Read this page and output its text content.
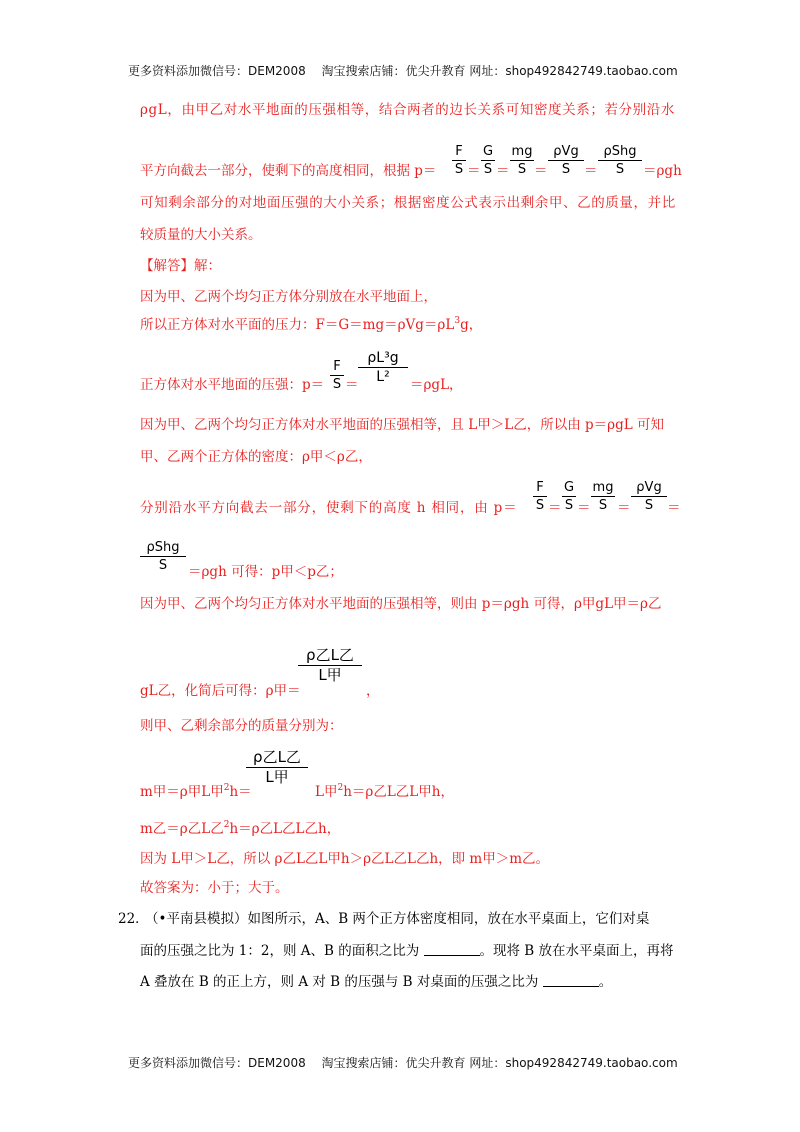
更多资料添加微信号：DEM2008　 淘宝搜索店铺：优尖升教育 网址：shop492842749.taobao.com
ρgL，由甲乙对水平地面的压强相等，结合两者的边长关系可知密度关系；若分别沿水
平方向截去一部分，使剩下的高度相同，根据 p＝
F
S ＝
G
S ＝
mg
S ＝
ρVg
S	＝
ρShg
S	＝ρgh
可知剩余部分的对地面压强的大小关系；根据密度公式表示出剩余甲、乙的质量，并比
较质量的大小关系。
【解答】解：
因为甲、乙两个均匀正方体分别放在水平地面上，
所以正方体对水平面的压力：$F=G=mg=\rho Vg=\rho L^3g$，
正方体对水平地面的压强：p＝
F
S ＝
ρL³g
L²	＝ρgL，
因为甲、乙两个均匀正方体对水平地面的压强相等，且 L甲＞L乙，所以由 p＝ρgL 可知
甲、乙两个正方体的密度：ρ甲＜ρ乙，
分别沿水平方向截去一部分，使剩下的高度 h 相同，由 p＝
F
S ＝
G
S ＝
mg
S ＝
ρVg
S	＝
ρShg
S	＝ρgh 可得：p甲＜p乙；
因为甲、乙两个均匀正方体对水平地面的压强相等，则由 p＝ρgh 可得，ρ甲gL甲＝ρ乙
gL乙，化简后可得：ρ甲＝
ρ乙L乙
L甲
，
则甲、乙剩余部分的质量分别为：
m甲＝ρ甲L甲$^2$h＝
ρ乙L乙
L甲
L甲$^2$h＝ρ乙L乙L甲h，
m乙＝ρ乙L乙$^2$h＝ρ乙L乙L乙h，
因为 L甲＞L乙，所以 ρ乙L乙L甲h＞ρ乙L乙L乙h，即 m甲＞m乙。
故答案为：小于；大于。
22．
（•平南县模拟）如图所示，A、B 两个正方体密度相同，放在水平桌面上，它们对桌
面的压强之比为 1：2，则 A、B 的面积之比为	。现将 B 放在水平桌面上，再将
A 叠放在 B 的正上方，则 A 对 B 的压强与 B 对桌面的压强之比为	。
更多资料添加微信号：DEM2008　 淘宝搜索店铺：优尖升教育 网址：shop492842749.taobao.com
